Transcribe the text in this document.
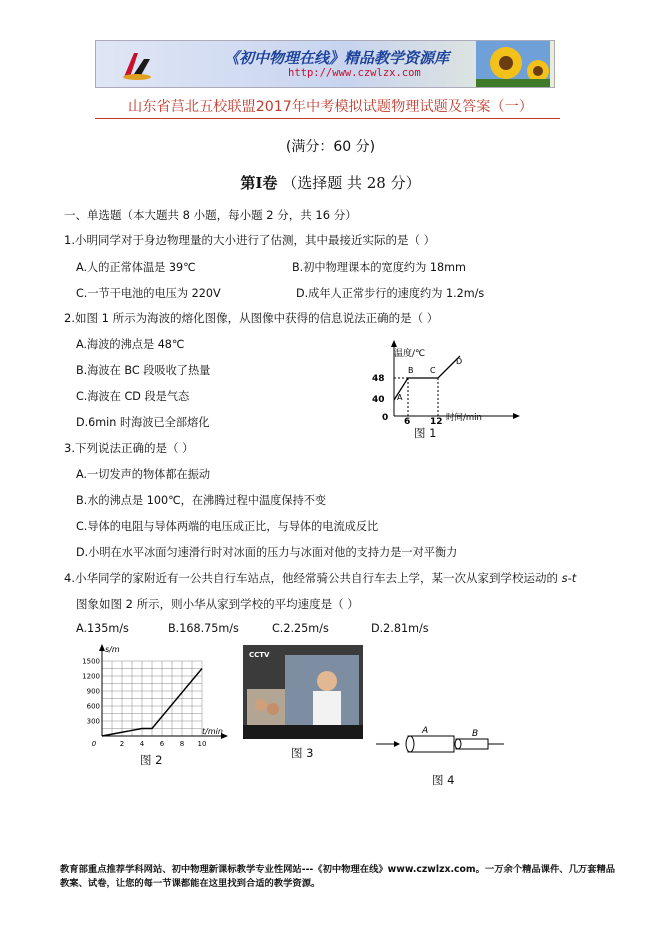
《初中物理在线》精品教学资源库
http://www.czwlzx.com
山东省莒北五校联盟2017年中考模拟试题物理试题及答案（一）
(满分：60 分)
第Ⅰ卷 （选择题 共 28 分）
一、单选题（本大题共 8 小题，每小题 2 分，共 16 分）
1.小明同学对于身边物理量的大小进行了估测，其中最接近实际的是（ ）
A.人的正常体温是 39℃	B.初中物理课本的宽度约为 18mm
C.一节干电池的电压为 220V	D.成年人正常步行的速度约为 1.2m/s
2.如图 1 所示为海波的熔化图像，从图像中获得的信息说法正确的是（ ）
A.海波的沸点是 48℃
B.海波在 BC 段吸收了热量
C.海波在 CD 段是气态
D.6min 时海波已全部熔化
温度/℃
48
40
0 6 12 时间/min
A
B C
D
图 1
3.下列说法正确的是（ ）
A.一切发声的物体都在振动
B.水的沸点是 100℃，在沸腾过程中温度保持不变
C.导体的电阻与导体两端的电压成正比，与导体的电流成反比
D.小明在水平冰面匀速滑行时对冰面的压力与冰面对他的支持力是一对平衡力
4.小华同学的家附近有一公共自行车站点，他经常骑公共自行车去上学，某一次从家到学校运动的 s-t
图象如图 2 所示，则小华从家到学校的平均速度是（ ）
A.135m/s	B.168.75m/s	C.2.25m/s	D.2.81m/s
1500
1200
900
600
300
0	2 4 6 8 10
s/m
t/min
图 2
CCTV
图 3
A	B
图 4
教育部重点推荐学科网站、初中物理新课标教学专业性网站---《初中物理在线》www.czwlzx.com。一万余个精品课件、几万套精品教案、试卷，让您的每一节课都能在这里找到合适的教学资源。
